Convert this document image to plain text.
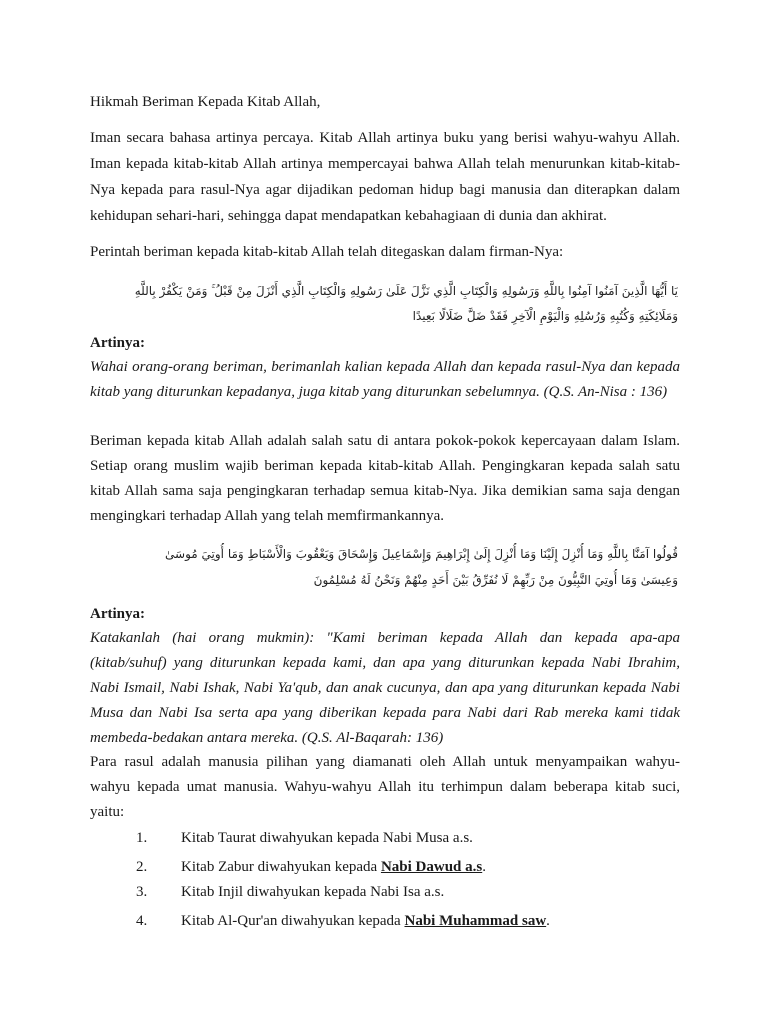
Hikmah Beriman Kepada Kitab Allah,
Iman secara bahasa artinya percaya. Kitab Allah artinya buku yang berisi wahyu-wahyu Allah.
Iman kepada kitab-kitab Allah artinya mempercayai bahwa Allah telah menurunkan kitab-kitab-
Nya kepada para rasul-Nya agar dijadikan pedoman hidup bagi manusia dan diterapkan dalam
kehidupan sehari-hari, sehingga dapat mendapatkan kebahagiaan di dunia dan akhirat.
Perintah beriman kepada kitab-kitab Allah telah ditegaskan dalam firman-Nya:
يَا أَيُّهَا الَّذِينَ آمَنُوا آمِنُوا بِاللَّهِ وَرَسُولِهِ وَالْكِتَابِ الَّذِي نَزَّلَ عَلَىٰ رَسُولِهِ وَالْكِتَابِ الَّذِي أَنْزَلَ مِنْ قَبْلُ ۚ وَمَنْ يَكْفُرْ بِاللَّهِ
وَمَلَائِكَتِهِ وَكُتُبِهِ وَرُسُلِهِ وَالْيَوْمِ الْآخِرِ فَقَدْ ضَلَّ ضَلَالًا بَعِيدًا
Artinya:
Wahai orang-orang beriman, berimanlah kalian kepada Allah dan kepada rasul-Nya dan kepada
kitab yang diturunkan kepadanya, juga kitab yang diturunkan sebelumnya. (Q.S. An-Nisa : 136)
Beriman kepada kitab Allah adalah salah satu di antara pokok-pokok kepercayaan dalam Islam.
Setiap orang muslim wajib beriman kepada kitab-kitab Allah. Pengingkaran kepada salah satu
kitab Allah sama saja pengingkaran terhadap semua kitab-Nya. Jika demikian sama saja dengan
mengingkari terhadap Allah yang telah memfirmankannya.
قُولُوا آمَنَّا بِاللَّهِ وَمَا أُنْزِلَ إِلَيْنَا وَمَا أُنْزِلَ إِلَىٰ إِبْرَاهِيمَ وَإِسْمَاعِيلَ وَإِسْحَاقَ وَيَعْقُوبَ وَالْأَسْبَاطِ وَمَا أُوتِيَ مُوسَىٰ
وَعِيسَىٰ وَمَا أُوتِيَ النَّبِيُّونَ مِنْ رَبِّهِمْ لَا نُفَرِّقُ بَيْنَ أَحَدٍ مِنْهُمْ وَنَحْنُ لَهُ مُسْلِمُونَ
Artinya:
Katakanlah (hai orang mukmin): "Kami beriman kepada Allah dan kepada apa-apa
(kitab/suhuf) yang diturunkan kepada kami, dan apa yang diturunkan kepada Nabi Ibrahim,
Nabi Ismail, Nabi Ishak, Nabi Ya'qub, dan anak cucunya, dan apa yang diturunkan kepada Nabi
Musa dan Nabi Isa serta apa yang diberikan kepada para Nabi dari Rab mereka kami tidak
membeda-bedakan antara mereka. (Q.S. Al-Baqarah: 136)
Para rasul adalah manusia pilihan yang diamanati oleh Allah untuk menyampaikan wahyu-
wahyu kepada umat manusia. Wahyu-wahyu Allah itu terhimpun dalam beberapa kitab suci,
yaitu:
1.	Kitab Taurat diwahyukan kepada Nabi Musa a.s.
2.	Kitab Zabur diwahyukan kepada Nabi Dawud a.s.
3.	Kitab Injil diwahyukan kepada Nabi Isa a.s.
4.	Kitab Al-Qur'an diwahyukan kepada Nabi Muhammad saw.
